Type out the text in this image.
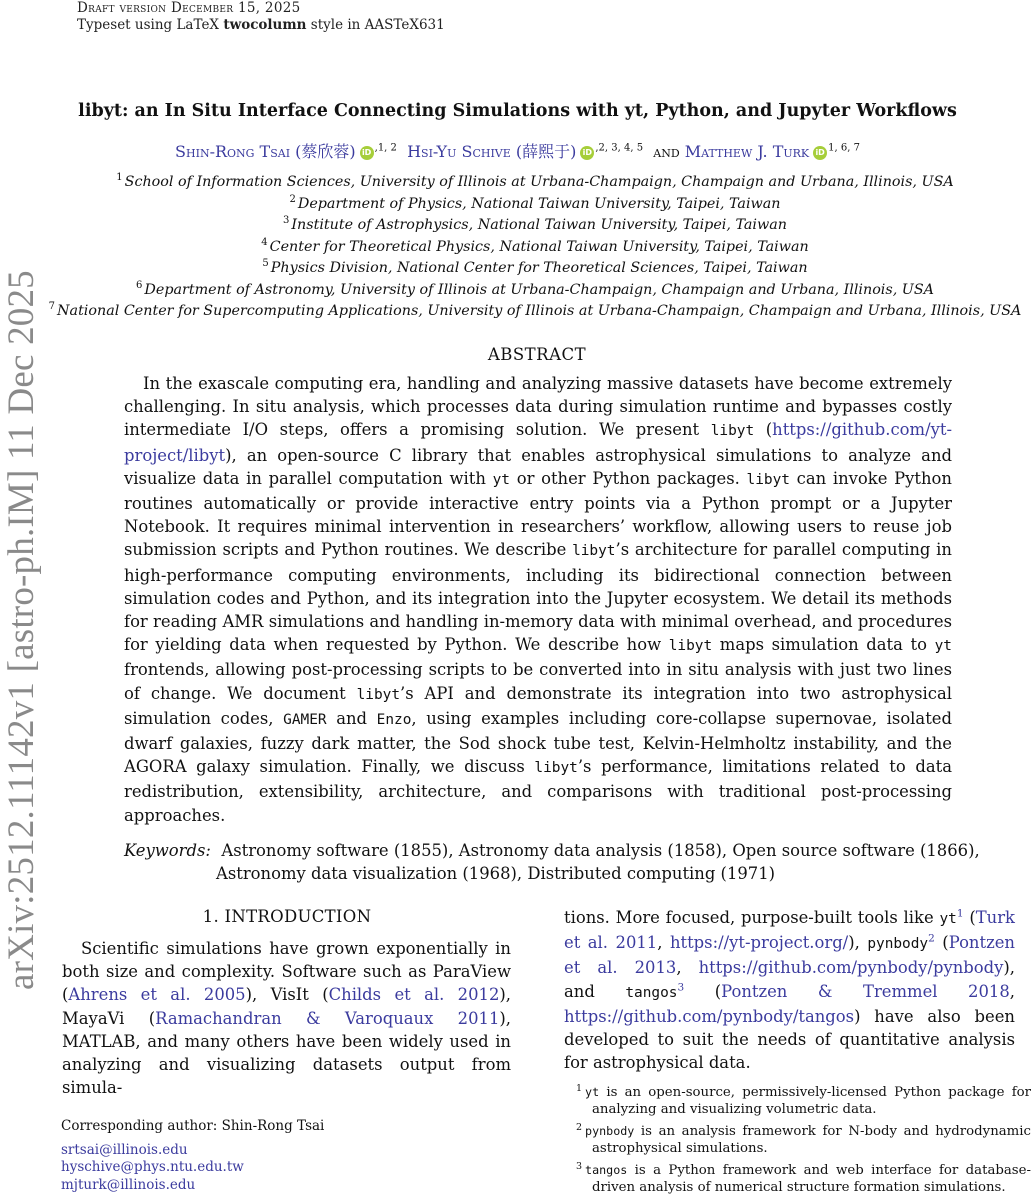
Draft version December 15, 2025
Typeset using LaTeX twocolumn style in AASTeX631
arXiv:2512.11142v1 [astro-ph.IM] 11 Dec 2025
libyt: an In Situ Interface Connecting Simulations with yt, Python, and Jupyter Workflows
Shin-Rong Tsai (蔡欣蓉) iD $^{,1, 2}$ Hsi-Yu Schive (薛熙于) iD $^{,2, 3, 4, 5}$ and Matthew J. Turk iD $^{1, 6, 7}$
$^1$ School of Information Sciences, University of Illinois at Urbana-Champaign, Champaign and Urbana, Illinois, USA
$^2$ Department of Physics, National Taiwan University, Taipei, Taiwan
$^3$ Institute of Astrophysics, National Taiwan University, Taipei, Taiwan
$^4$ Center for Theoretical Physics, National Taiwan University, Taipei, Taiwan
$^5$ Physics Division, National Center for Theoretical Sciences, Taipei, Taiwan
$^6$ Department of Astronomy, University of Illinois at Urbana-Champaign, Champaign and Urbana, Illinois, USA
$^7$ National Center for Supercomputing Applications, University of Illinois at Urbana-Champaign, Champaign and Urbana, Illinois, USA
ABSTRACT
In the exascale computing era, handling and analyzing massive datasets have become extremely challenging. In situ analysis, which processes data during simulation runtime and bypasses costly intermediate I/O steps, offers a promising solution. We present libyt (https://github.com/yt-project/libyt), an open-source C library that enables astrophysical simulations to analyze and visualize data in parallel computation with yt or other Python packages. libyt can invoke Python routines automatically or provide interactive entry points via a Python prompt or a Jupyter Notebook. It requires minimal intervention in researchers’ workflow, allowing users to reuse job submission scripts and Python routines. We describe libyt’s architecture for parallel computing in high-performance computing environments, including its bidirectional connection between simulation codes and Python, and its integration into the Jupyter ecosystem. We detail its methods for reading AMR simulations and handling in-memory data with minimal overhead, and procedures for yielding data when requested by Python. We describe how libyt maps simulation data to yt frontends, allowing post-processing scripts to be converted into in situ analysis with just two lines of change. We document libyt’s API and demonstrate its integration into two astrophysical simulation codes, GAMER and Enzo, using examples including core-collapse supernovae, isolated dwarf galaxies, fuzzy dark matter, the Sod shock tube test, Kelvin-Helmholtz instability, and the AGORA galaxy simulation. Finally, we discuss libyt’s performance, limitations related to data redistribution, extensibility, architecture, and comparisons with traditional post-processing approaches.
Keywords: Astronomy software (1855), Astronomy data analysis (1858), Open source software (1866), Astronomy data visualization (1968), Distributed computing (1971)
1. INTRODUCTION
Scientific simulations have grown exponentially in both size and complexity. Software such as ParaView (Ahrens et al. 2005), VisIt (Childs et al. 2012), MayaVi (Ramachandran & Varoquaux 2011), MATLAB, and many others have been widely used in analyzing and visualizing datasets output from simula-
tions. More focused, purpose-built tools like $yt^1$ (Turk et al. 2011, https://yt-project.org/), pynbody$^2$ (Pontzen et al. 2013, https://github.com/pynbody/pynbody), and tangos$^3$ (Pontzen & Tremmel 2018, https://github.com/pynbody/tangos) have also been developed to suit the needs of quantitative analysis for astrophysical data.
Corresponding author: Shin-Rong Tsai
srtsai@illinois.edu
hyschive@phys.ntu.edu.tw
mjturk@illinois.edu
$^1$ yt is an open-source, permissively-licensed Python package for analyzing and visualizing volumetric data.
$^2$ pynbody is an analysis framework for N-body and hydrodynamic astrophysical simulations.
$^3$ tangos is a Python framework and web interface for database-driven analysis of numerical structure formation simulations.
